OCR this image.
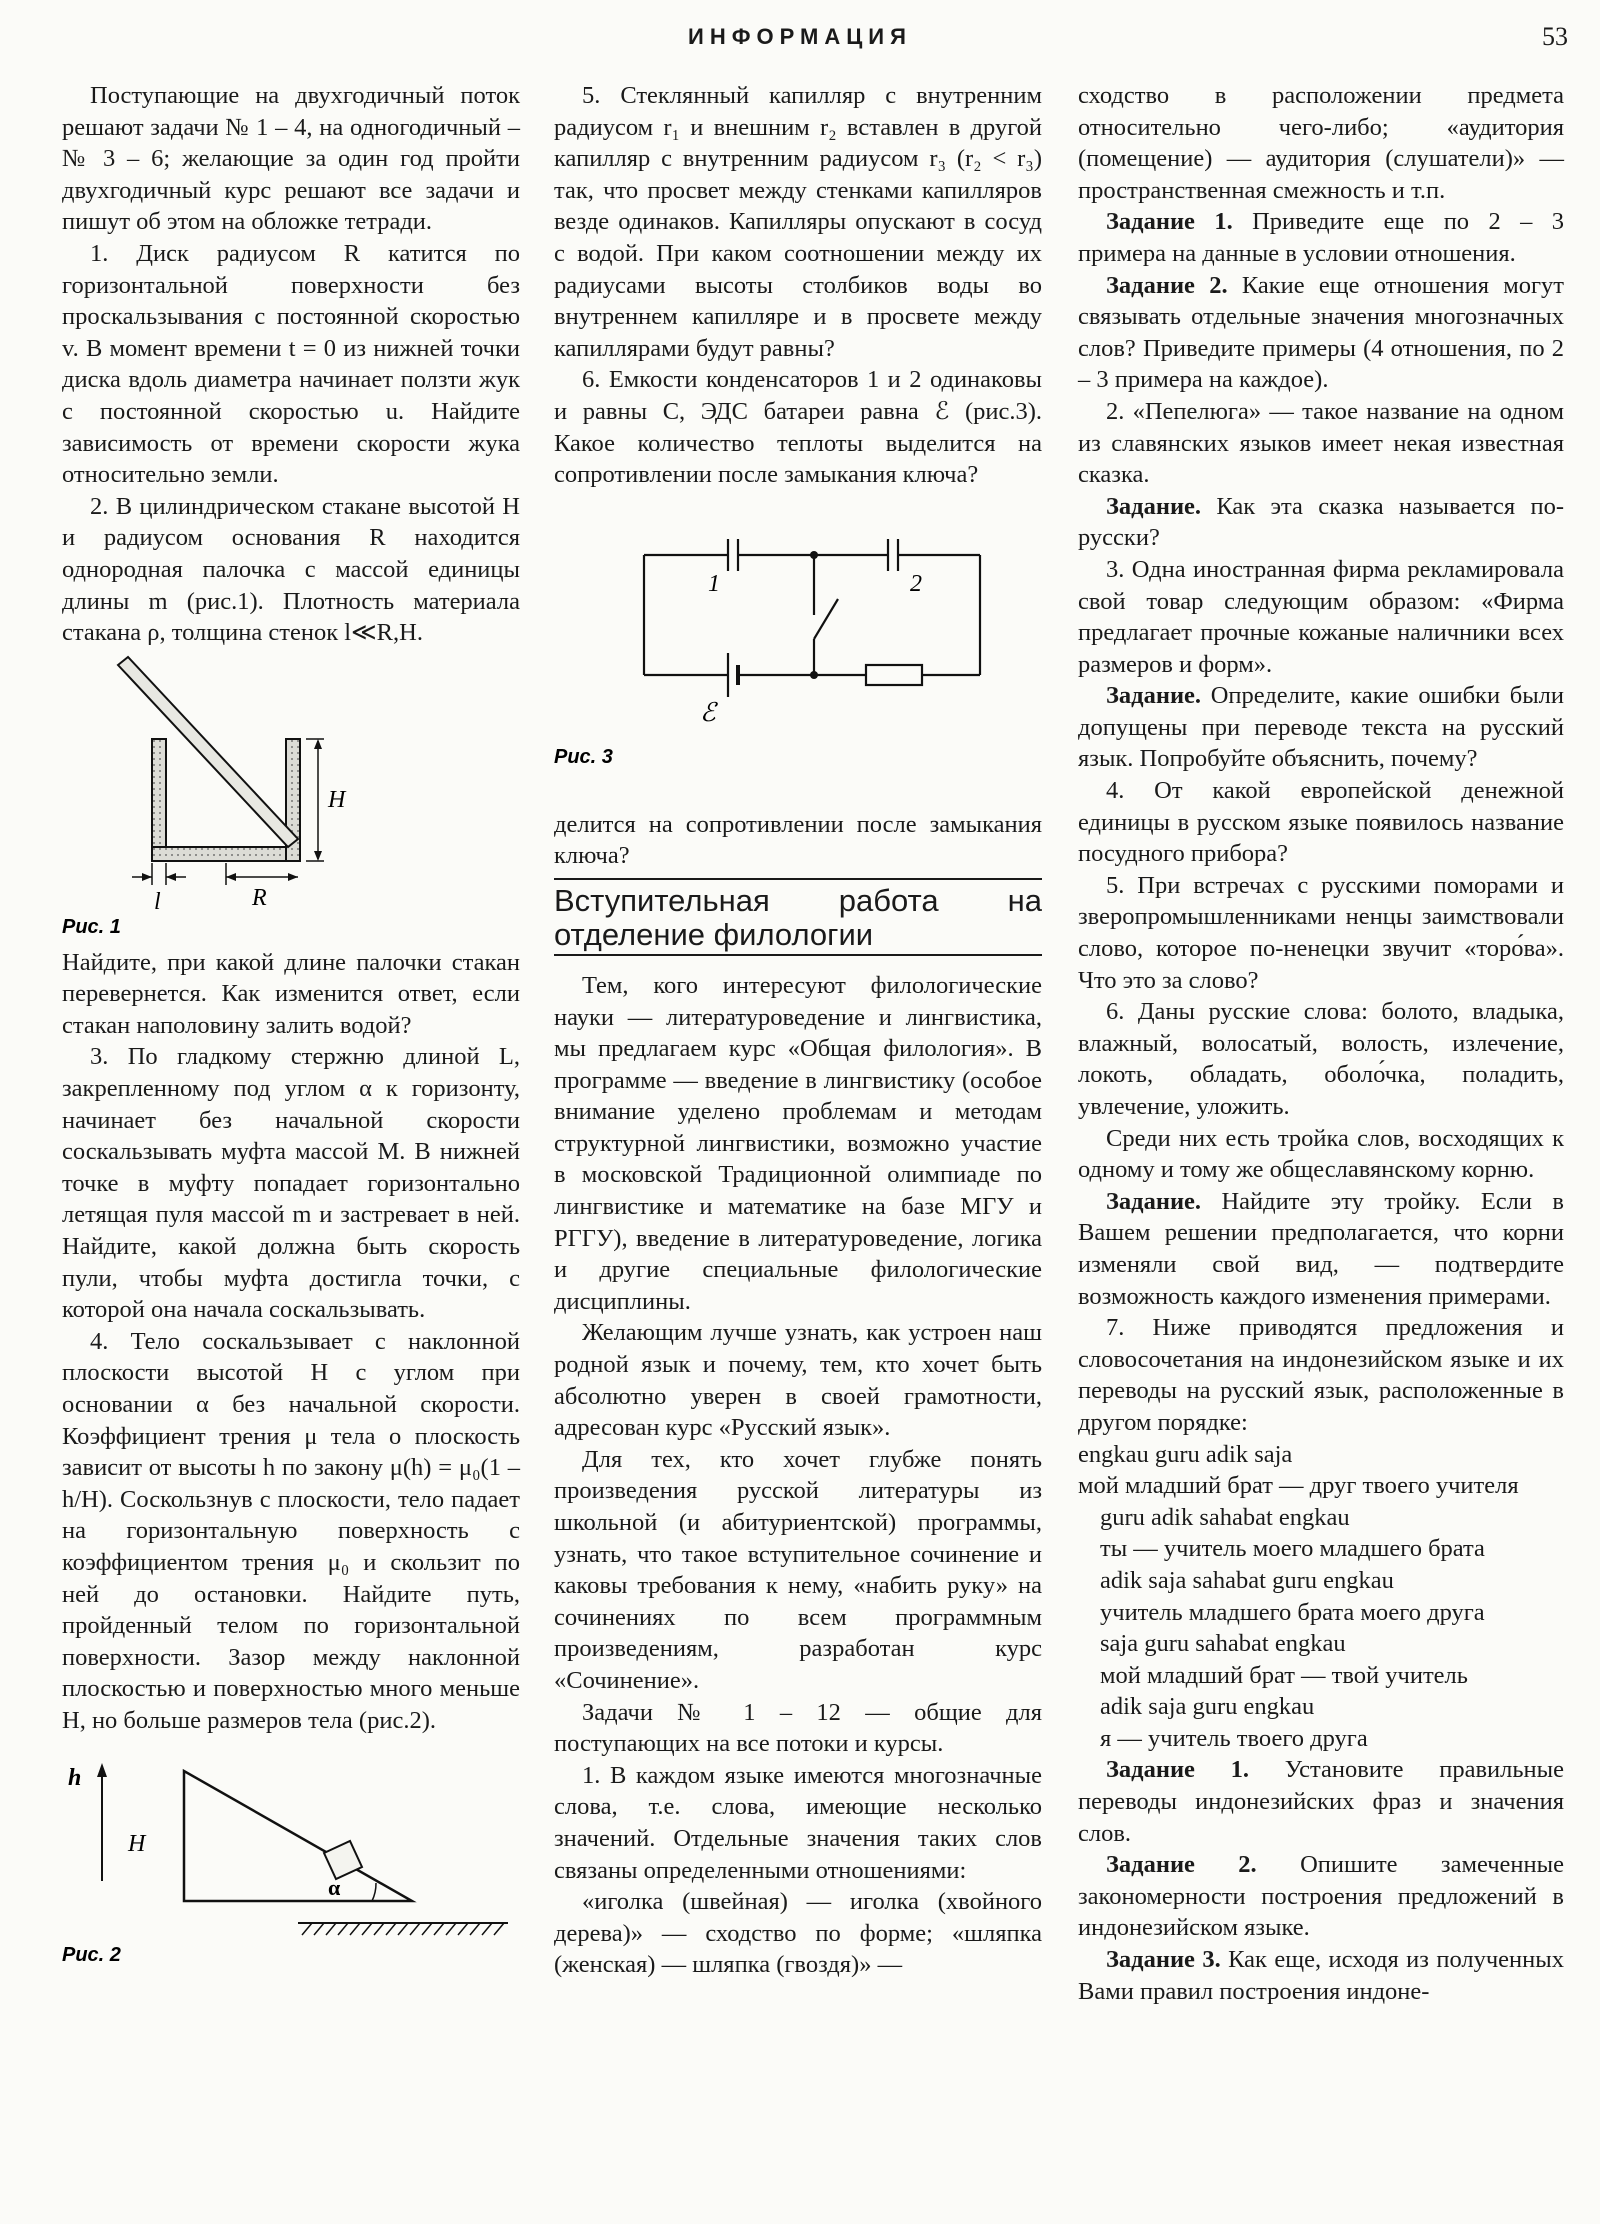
ИНФОРМАЦИЯ	53

Поступающие на двухгодичный поток решают задачи № 1 – 4, на одногодичный – № 3 – 6; желающие за один год пройти двухгодичный курс решают все задачи и пишут об этом на обложке тетради.

1. Диск радиусом R катится по горизонтальной поверхности без проскальзывания с постоянной скоростью v. В момент времени t = 0 из нижней точки диска вдоль диаметра начинает ползти жук с постоянной скоростью u. Найдите зависимость от времени скорости жука относительно земли.

2. В цилиндрическом стакане высотой H и радиусом основания R находится однородная палочка с массой единицы длины m (рис.1). Плотность материала стакана ρ, толщина стенок l≪R,H.

H
l	R
Рис. 1

Найдите, при какой длине палочки стакан перевернется. Как изменится ответ, если стакан наполовину залить водой?

3. По гладкому стержню длиной L, закрепленному под углом α к горизонту, начинает без начальной скорости соскальзывать муфта массой M. В нижней точке в муфту попадает горизонтально летящая пуля массой m и застревает в ней. Найдите, какой должна быть скорость пули, чтобы муфта достигла точки, с которой она начала соскальзывать.

4. Тело соскальзывает с наклонной плоскости высотой H с углом при основании α без начальной скорости. Коэффициент трения μ тела о плоскость зависит от высоты h по закону μ(h) = μ₀(1 – h/H). Соскользнув с плоскости, тело падает на горизонтальную поверхность с коэффициентом трения μ₀ и скользит по ней до остановки. Найдите путь, пройденный телом по горизонтальной поверхности. Зазор между наклонной плоскостью и поверхностью много меньше H, но больше размеров тела (рис.2).

h
H
α
Рис. 2

5. Стеклянный капилляр с внутренним радиусом r₁ и внешним r₂ вставлен в другой капилляр с внутренним радиусом r₃ (r₂ < r₃) так, что просвет между стенками капилляров везде одинаков. Капилляры опускают в сосуд с водой. При каком соотношении между их радиусами высоты столбиков воды во внутреннем капилляре и в просвете между капиллярами будут равны?

6. Емкости конденсаторов 1 и 2 одинаковы и равны C, ЭДС батареи равна ℰ (рис.3). Какое количество теплоты выделится на сопротивлении после замыкания ключа?

1	2
ℰ
Рис. 3

делится на сопротивлении после замыкания ключа?

Вступительная работа на отделение филологии

Тем, кого интересуют филологические науки — литературоведение и лингвистика, мы предлагаем курс «Общая филология». В программе — введение в лингвистику (особое внимание уделено проблемам и методам структурной лингвистики, возможно участие в московской Традиционной олимпиаде по лингвистике и математике на базе МГУ и РГГУ), введение в литературоведение, логика и другие специальные филологические дисциплины.

Желающим лучше узнать, как устроен наш родной язык и почему, тем, кто хочет быть абсолютно уверен в своей грамотности, адресован курс «Русский язык».

Для тех, кто хочет глубже понять произведения русской литературы из школьной (и абитуриентской) программы, узнать, что такое вступительное сочинение и каковы требования к нему, «набить руку» на сочинениях по всем программным произведениям, разработан курс «Сочинение».

Задачи № 1 – 12 — общие для поступающих на все потоки и курсы.

1. В каждом языке имеются многозначные слова, т.е. слова, имеющие несколько значений. Отдельные значения таких слов связаны определенными отношениями:

«иголка (швейная) — иголка (хвойного дерева)» — сходство по форме; «шляпка (женская) — шляпка (гвоздя)» —

сходство в расположении предмета относительно чего-либо; «аудитория (помещение) — аудитория (слушатели)» — пространственная смежность и т.п.

Задание 1. Приведите еще по 2 – 3 примера на данные в условии отношения.

Задание 2. Какие еще отношения могут связывать отдельные значения многозначных слов? Приведите примеры (4 отношения, по 2 – 3 примера на каждое).

2. «Пепелюга» — такое название на одном из славянских языков имеет некая известная сказка.

Задание. Как эта сказка называется по-русски?

3. Одна иностранная фирма рекламировала свой товар следующим образом: «Фирма предлагает прочные кожаные наличники всех размеров и форм».

Задание. Определите, какие ошибки были допущены при переводе текста на русский язык. Попробуйте объяснить, почему?

4. От какой европейской денежной единицы в русском языке появилось название посудного прибора?

5. При встречах с русскими поморами и зверопромышленниками ненцы заимствовали слово, которое по-ненецки звучит «торо́ва». Что это за слово?

6. Даны русские слова: болото, владыка, влажный, волосатый, волость, излечение, локоть, обладать, оболо́чка, поладить, увлечение, уложить.

Среди них есть тройка слов, восходящих к одному и тому же общеславянскому корню.

Задание. Найдите эту тройку. Если в Вашем решении предполагается, что корни изменяли свой вид, — подтвердите возможность каждого изменения примерами.

7. Ниже приводятся предложения и словосочетания на индонезийском языке и их переводы на русский язык, расположенные в другом порядке:

engkau guru adik saja

мой младший брат — друг твоего учителя

guru adik sahabat engkau

ты — учитель моего младшего брата

adik saja sahabat guru engkau

учитель младшего брата моего друга

saja guru sahabat engkau

мой младший брат — твой учитель

adik saja guru engkau

я — учитель твоего друга

Задание 1. Установите правильные переводы индонезийских фраз и значения слов.

Задание 2. Опишите замеченные закономерности построения предложений в индонезийском языке.

Задание 3. Как еще, исходя из полученных Вами правил построения индоне-
